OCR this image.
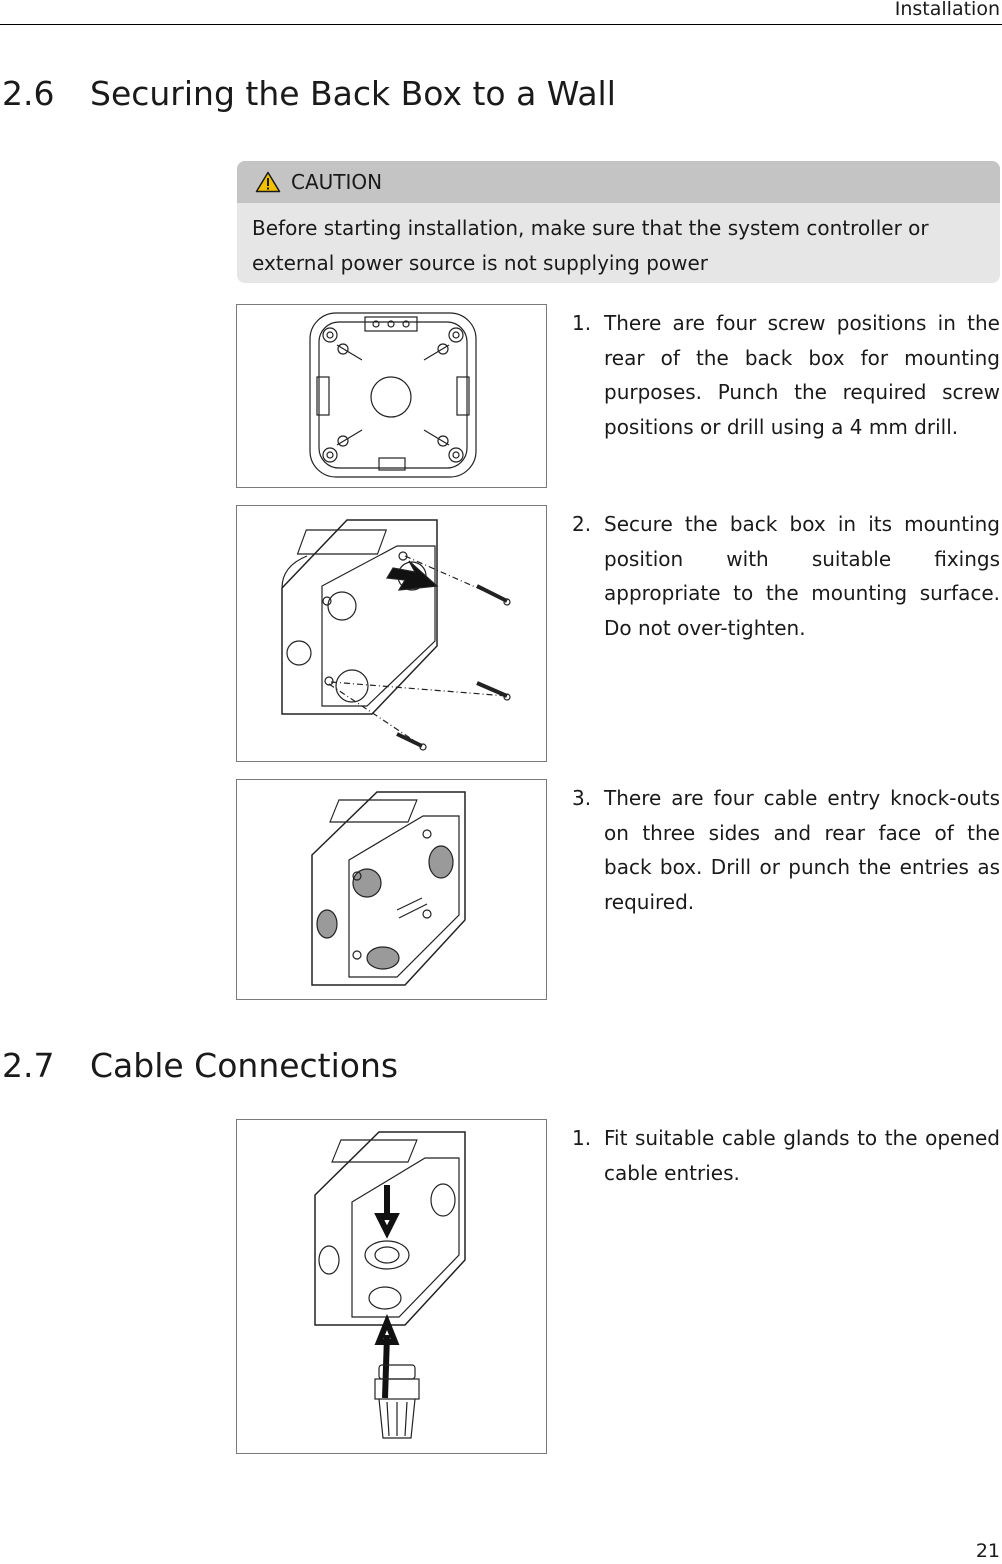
Installation
2.6 Securing the Back Box to a Wall
CAUTION
Before starting installation, make sure that the system controller or external power source is not supplying power
1. There are four screw positions in the rear of the back box for mounting purposes. Punch the required screw positions or drill using a 4 mm drill.
2. Secure the back box in its mounting position with suitable fixings appropriate to the mounting surface. Do not over-tighten.
3. There are four cable entry knock-outs on three sides and rear face of the back box. Drill or punch the entries as required.
2.7 Cable Connections
1. Fit suitable cable glands to the opened cable entries.
21
